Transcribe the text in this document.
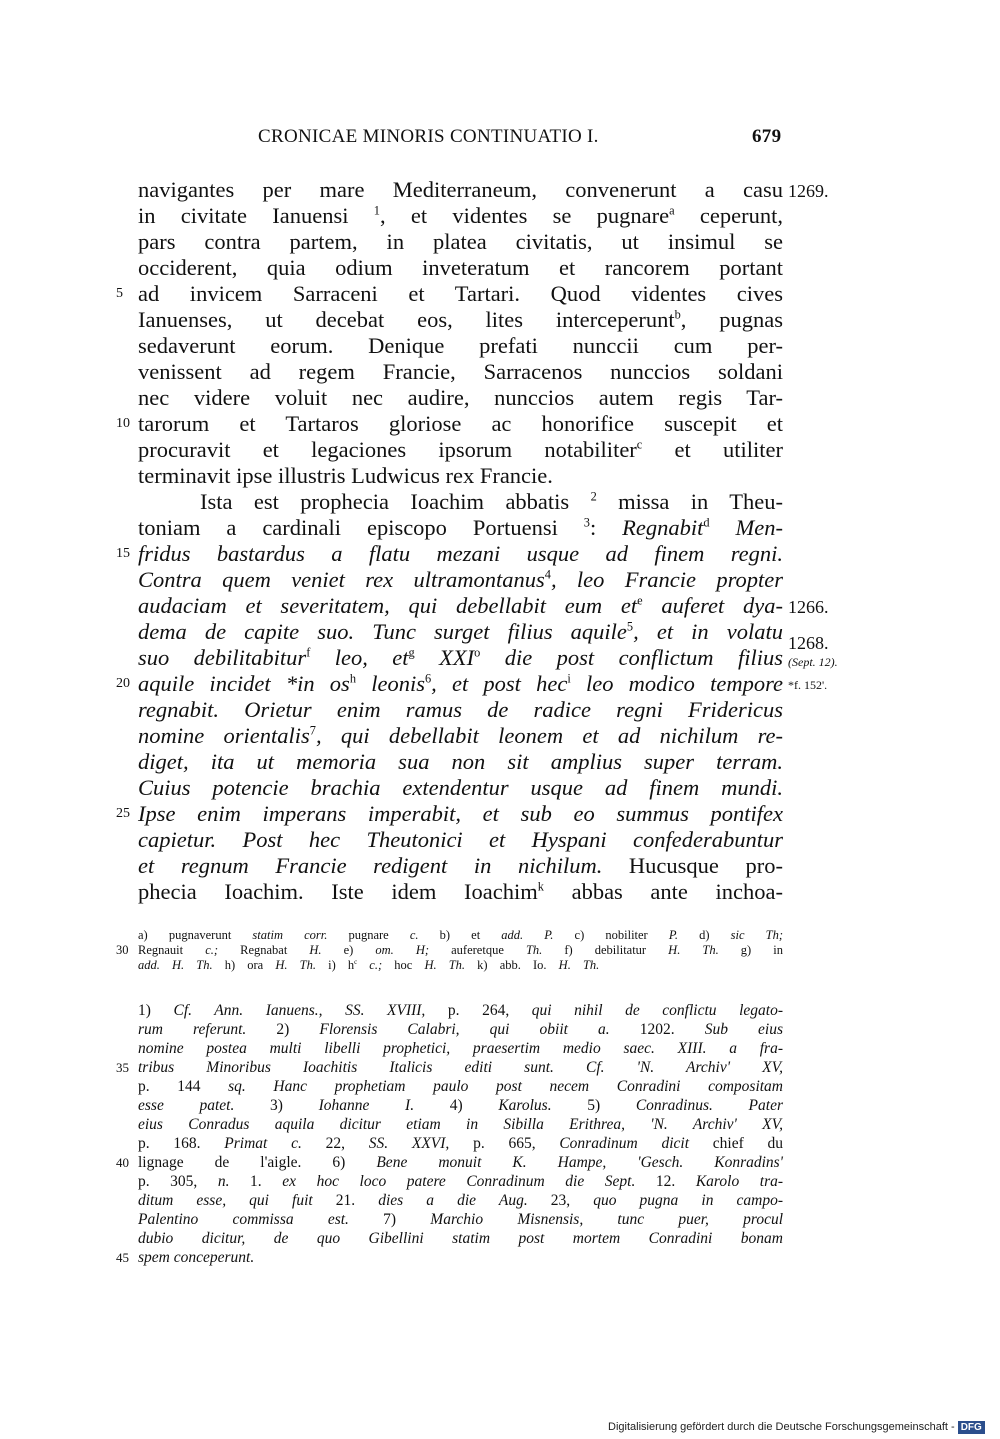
CRONICAE MINORIS CONTINUATIO I.	679
navigantes per mare Mediterraneum, convenerunt a casu
in civitate Ianuensi $^1$, et videntes se pugnare$^a$ ceperunt,
pars contra partem, in platea civitatis, ut insimul se
occiderent, quia odium inveteratum et rancorem portant
5 ad invicem Sarraceni et Tartari. Quod videntes cives
Ianuenses, ut decebat eos, lites interceperunt$^b$, pugnas
sedaverunt eorum. Denique prefati nunccii cum per-
venissent ad regem Francie, Sarracenos nunccios soldani
nec videre voluit nec audire, nunccios autem regis Tar-
10 tarorum et Tartaros gloriose ac honorifice suscepit et
procuravit et legaciones ipsorum notabiliter$^c$ et utiliter
terminavit ipse illustris Ludwicus rex Francie.
Ista est prophecia Ioachim abbatis $^2$ missa in Theu-
toniam a cardinali episcopo Portuensi $^3$: Regnabit$^d$ Men-
15 fridus bastardus a flatu mezani usque ad finem regni.
Contra quem veniet rex ultramontanus$^4$, leo Francie propter
audaciam et severitatem, qui debellabit eum $et^e$ auferet dya-
dema de capite suo. Tunc surget filius aquile$^5$, et in volatu
suo debilitabitur$^f$ leo, $et^g$ XXI$^o$ die post conflictum filius
20 aquile incidet *in $os^h$ leonis$^6$, et post hec$^i$ leo modico tempore
regnabit. Orietur enim ramus de radice regni Fridericus
nomine orientalis$^7$, qui debellabit leonem et ad nichilum re-
diget, ita ut memoria sua non sit amplius super terram.
Cuius potencie brachia extendentur usque ad finem mundi.
25 Ipse enim imperans imperabit, et sub eo summus pontifex
capietur. Post hec Theutonici et Hyspani confederabuntur
et regnum Francie redigent in nichilum. Hucusque pro-
phecia Ioachim. Iste idem Ioachim$^k$ abbas ante inchoa-
1269.
1266.
1268.
(Sept. 12).
*f. 152'.
a) pugnaverunt statim corr. pugnare c. b) et add. P. c) nobiliter P. d) sic Th;
30 Regnauit c.; Regnabat H. e) om. H; auferetque Th. f) debilitatur H. Th. g) in
add. H. Th. h) ora H. Th. i) $h^c$ c.; hoc H. Th. k) abb. Io. H. Th.
1) Cf. Ann. Ianuens., SS. XVIII, p. 264, qui nihil de conflictu legato-
rum referunt. 2) Florensis Calabri, qui obiit a. 1202. Sub eius
nomine postea multi libelli prophetici, praesertim medio saec. XIII. a fra-
35 tribus Minoribus Ioachitis Italicis editi sunt. Cf. 'N. Archiv' XV,
p. 144 sq. Hanc prophetiam paulo post necem Conradini compositam
esse patet. 3) Iohanne I. 4) Karolus. 5) Conradinus. Pater
eius Conradus aquila dicitur etiam in Sibilla Erithrea, 'N. Archiv' XV,
p. 168. Primat c. 22, SS. XXVI, p. 665, Conradinum dicit chief du
40 lignage de l'aigle. 6) Bene monuit K. Hampe, 'Gesch. Konradins'
p. 305, n. 1. ex hoc loco patere Conradinum die Sept. 12. Karolo tra-
ditum esse, qui fuit 21. dies a die Aug. 23, quo pugna in campo-
Palentino commissa est. 7) Marchio Misnensis, tunc puer, procul
dubio dicitur, de quo Gibellini statim post mortem Conradini bonam
45 spem conceperunt.
Digitalisierung gefördert durch die Deutsche Forschungsgemeinschaft - DFG
